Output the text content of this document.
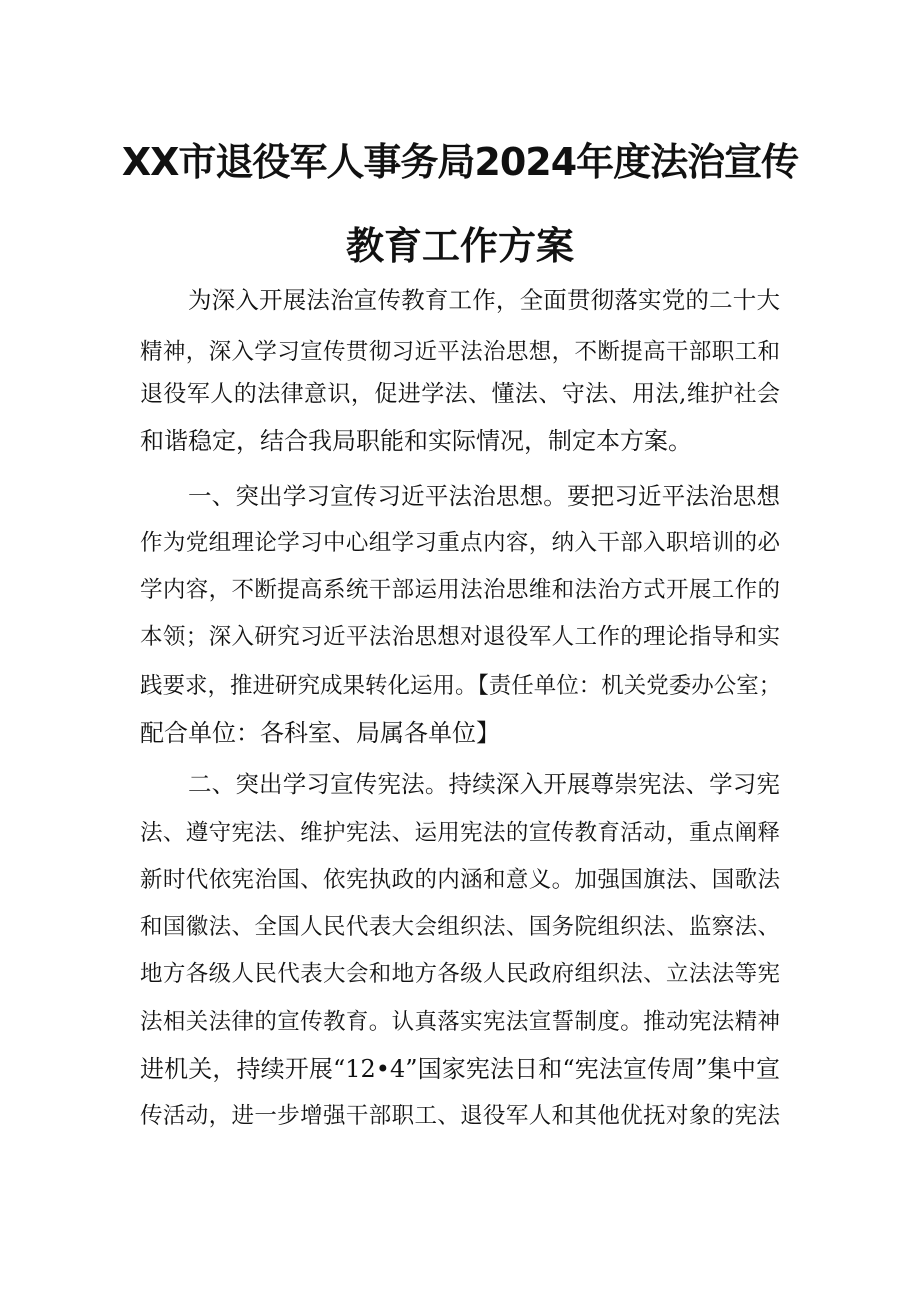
XX市退役军人事务局2024年度法治宣传
教育工作方案
为深入开展法治宣传教育工作，全面贯彻落实党的二十大
精神，深入学习宣传贯彻习近平法治思想，不断提高干部职工和
退役军人的法律意识，促进学法、懂法、守法、用法,维护社会
和谐稳定，结合我局职能和实际情况，制定本方案。
一、突出学习宣传习近平法治思想。要把习近平法治思想
作为党组理论学习中心组学习重点内容，纳入干部入职培训的必
学内容，不断提高系统干部运用法治思维和法治方式开展工作的
本领；深入研究习近平法治思想对退役军人工作的理论指导和实
践要求，推进研究成果转化运用。【责任单位：机关党委办公室；
配合单位：各科室、局属各单位】
二、突出学习宣传宪法。持续深入开展尊崇宪法、学习宪
法、遵守宪法、维护宪法、运用宪法的宣传教育活动，重点阐释
新时代依宪治国、依宪执政的内涵和意义。加强国旗法、国歌法
和国徽法、全国人民代表大会组织法、国务院组织法、监察法、
地方各级人民代表大会和地方各级人民政府组织法、立法法等宪
法相关法律的宣传教育。认真落实宪法宣誓制度。推动宪法精神
进机关，持续开展“12•4”国家宪法日和“宪法宣传周”集中宣
传活动，进一步增强干部职工、退役军人和其他优抚对象的宪法
